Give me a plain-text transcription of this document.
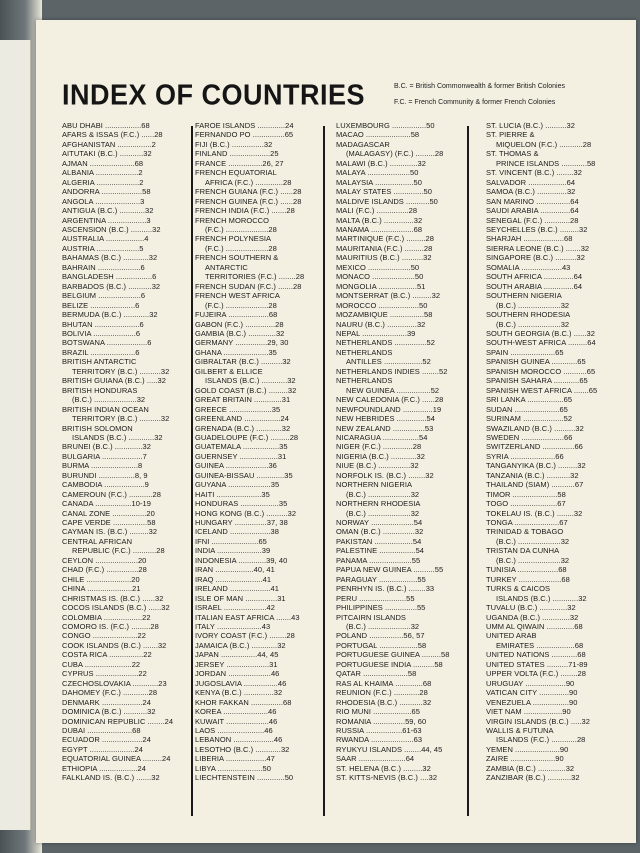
INDEX OF COUNTRIES	B.C. = British Commonwealth & former British Colonies
F.C. = French Community & former French Colonies
ABU DHABI .................68
AFARS & ISSAS (F.C.) ......28
AFGHANISTAN ................2
AITUTAKI (B.C.) ...........32
AJMAN .....................68
ALBANIA ....................2
ALGERIA ....................2
ANDORRA ...................58
ANGOLA .....................3
ANTIGUA (B.C.) ............32
ARGENTINA ..................3
ASCENSION (B.C.) ..........32
AUSTRALIA ..................4
AUSTRIA ....................5
BAHAMAS (B.C.) ............32
BAHRAIN ....................6
BANGLADESH .................6
BARBADOS (B.C.) ...........32
BELGIUM ....................6
BELIZE .....................6
BERMUDA (B.C.) ............32
BHUTAN .....................6
BOLIVIA ....................6
BOTSWANA ...................6
BRAZIL .....................6
BRITISH ANTARCTIC
TERRITORY (B.C.) ..........32
BRITISH GUIANA (B.C.) .....32
BRITISH HONDURAS
(B.C.) ....................32
BRITISH INDIAN OCEAN
TERRITORY (B.C.) ..........32
BRITISH SOLOMON
ISLANDS (B.C.) ............32
BRUNEI (B.C.) .............32
BULGARIA ...................7
BURMA ......................8
BURUNDI .................8, 9
CAMBODIA ...................9
CAMEROUN (F.C.) ...........28
CANADA .................10-19
CANAL ZONE ................20
CAPE VERDE ................58
CAYMAN IS. (B.C.) .........32
CENTRAL AFRICAN
REPUBLIC (F.C.) ...........28
CEYLON ....................20
CHAD (F.C.) ...............28
CHILE .....................20
CHINA .....................21
CHRISTMAS IS. (B.C.) ......32
COCOS ISLANDS (B.C.) ......32
COLOMBIA ..................22
COMORO IS. (F.C.) .........28
CONGO .....................22
COOK ISLANDS (B.C.) .......32
COSTA RICA ................22
CUBA ......................22
CYPRUS ....................22
CZECHOSLOVAKIA ............23
DAHOMEY (F.C.) ............28
DENMARK ...................24
DOMINICA (B.C.) ...........32
DOMINICAN REPUBLIC ........24
DUBAI .....................68
ECUADOR ...................24
EGYPT .....................24
EQUATORIAL GUINEA .........24
ETHIOPIA ..................24
FALKLAND IS. (B.C.) .......32
FAROE ISLANDS .............24
FERNANDO PO ...............65
FIJI (B.C.) ...............32
FINLAND ...................25
FRANCE ................26, 27
FRENCH EQUATORIAL
AFRICA (F.C.) .............28
FRENCH GUIANA (F.C.) ......28
FRENCH GUINEA (F.C.) ......28
FRENCH INDIA (F.C.) .......28
FRENCH MOROCCO
(F.C.) ....................28
FRENCH POLYNESIA
(F.C.) ....................28
FRENCH SOUTHERN &
ANTARCTIC
TERRITORIES (F.C.) ........28
FRENCH SUDAN (F.C.) .......28
FRENCH WEST AFRICA
(F.C.) ....................28
FUJEIRA ...................68
GABON (F.C.) ..............28
GAMBIA (B.C.) .............32
GERMANY ...............29, 30
GHANA .....................35
GIBRALTAR (B.C.) ..........32
GILBERT & ELLICE
ISLANDS (B.C.) ............32
GOLD COAST (B.C.) .........32
GREAT BRITAIN .............31
GREECE ....................35
GREENLAND .................24
GRENADA (B.C.) ............32
GUADELOUPE (F.C.) .........28
GUATEMALA .................35
GUERNSEY ..................31
GUINEA ....................36
GUINEA-BISSAU .............35
GUYANA ....................35
HAITI .....................35
HONDURAS ..................35
HONG KONG (B.C.) ..........32
HUNGARY ...............37, 38
ICELAND ...................38
IFNI ......................65
INDIA .....................39
INDONESIA .............39, 40
IRAN ..................40, 41
IRAQ ......................41
IRELAND ...................41
ISLE OF MAN ...............31
ISRAEL ....................42
ITALIAN EAST AFRICA .......43
ITALY .....................43
IVORY COAST (F.C.) ........28
JAMAICA (B.C.) ............32
JAPAN .................44, 45
JERSEY ....................31
JORDAN ....................46
JUGOSLAVIA ................46
KENYA (B.C.) ..............32
KHOR FAKKAN ...............68
KOREA .....................46
KUWAIT ....................46
LAOS ......................46
LEBANON ...................46
LESOTHO (B.C.) ............32
LIBERIA ...................47
LIBYA .....................50
LIECHTENSTEIN .............50
LUXEMBOURG ................50
MACAO .....................58
MADAGASCAR
(MALAGASY) (F.C.) .........28
MALAWI (B.C.) .............32
MALAYA ....................50
MALAYSIA ..................50
MALAY STATES ..............50
MALDIVE ISLANDS ...........50
MALI (F.C.) ...............28
MALTA (B.C.) ..............32
MANAMA ....................68
MARTINIQUE (F.C.) .........28
MAURITANIA (F.C.) .........28
MAURITIUS (B.C.) ..........32
MEXICO ....................50
MONACO ....................50
MONGOLIA ..................51
MONTSERRAT (B.C.) .........32
MOROCCO ...................50
MOZAMBIQUE ................58
NAURU (B.C.) ..............32
NEPAL .....................39
NETHERLANDS ...............52
NETHERLANDS
ANTILLES ..................52
NETHERLANDS INDIES ........52
NETHERLANDS
NEW GUINEA ................52
NEW CALEDONIA (F.C.) ......28
NEWFOUNDLAND ..............19
NEW HEBRIDES ..............54
NEW ZEALAND ...............53
NICARAGUA .................54
NIGER (F.C.) ..............28
NIGERIA (B.C.) ............32
NIUE (B.C.) ...............32
NORFOLK IS. (B.C.) ........32
NORTHERN NIGERIA
(B.C.) ....................32
NORTHERN RHODESIA
(B.C.) ....................32
NORWAY ....................54
OMAN (B.C.) ...............32
PAKISTAN ..................54
PALESTINE .................54
PANAMA ....................55
PAPUA NEW GUINEA ..........55
PARAGUAY ..................55
PENRHYN IS. (B.C.) ........33
PERU ......................55
PHILIPPINES ...............55
PITCAIRN ISLANDS
(B.C.) ....................32
POLAND ................56, 57
PORTUGAL ..................58
PORTUGUESE GUINEA .........58
PORTUGUESE INDIA ..........58
QATAR .....................58
RAS AL KHAIMA .............68
REUNION (F.C.) ............28
RHODESIA (B.C.) ...........32
RIO MUNI ..................65
ROMANIA ...............59, 60
RUSSIA .................61-63
RWANDA ....................63
RYUKYU ISLANDS ........44, 45
SAAR ......................64
ST. HELENA (B.C.) .........32
ST. KITTS-NEVIS (B.C.) ....32
ST. LUCIA (B.C.) ..........32
ST. PIERRE &
MIQUELON (F.C.) ...........28
ST. THOMAS &
PRINCE ISLANDS ............58
ST. VINCENT (B.C.) ........32
SALVADOR ..................64
SAMOA (B.C.) ..............32
SAN MARINO ................64
SAUDI ARABIA ..............64
SENEGAL (F.C.) ............28
SEYCHELLES (B.C.) .........32
SHARJAH ...................68
SIERRA LEONE (B.C.) .......32
SINGAPORE (B.C.) ..........32
SOMALIA ...................43
SOUTH AFRICA ..............64
SOUTH ARABIA ..............64
SOUTHERN NIGERIA
(B.C.) ....................32
SOUTHERN RHODESIA
(B.C.) ....................32
SOUTH GEORGIA (B.C.) ......32
SOUTH-WEST AFRICA .........64
SPAIN .....................65
SPANISH GUINEA ............65
SPANISH MOROCCO ...........65
SPANISH SAHARA ............65
SPANISH WEST AFRICA .......65
SRI LANKA .................65
SUDAN .....................65
SURINAM ...................52
SWAZILAND (B.C.) ..........32
SWEDEN ....................66
SWITZERLAND ...............66
SYRIA .....................66
TANGANYIKA (B.C.) .........32
TANZANIA (B.C.) ...........32
THAILAND (SIAM) ...........67
TIMOR .....................58
TOGO ......................67
TOKELAU IS. (B.C.) ........32
TONGA .....................67
TRINIDAD & TOBAGO
(B.C.) ....................32
TRISTAN DA CUNHA
(B.C.) ....................32
TUNISIA ...................68
TURKEY ....................68
TURKS & CAICOS
ISLANDS (B.C.) ............32
TUVALU (B.C.) .............32
UGANDA (B.C.) .............32
UMM AL QIWAIN .............68
UNITED ARAB
EMIRATES ..................68
UNITED NATIONS ............68
UNITED STATES ..........71-89
UPPER VOLTA (F.C.) ........28
URUGUAY ...................90
VATICAN CITY ..............90
VENEZUELA .................90
VIET NAM ..................90
VIRGIN ISLANDS (B.C.) .....32
WALLIS & FUTUNA
ISLANDS (F.C.) ............28
YEMEN .....................90
ZAIRE .....................90
ZAMBIA (B.C.) .............32
ZANZIBAR (B.C.) ...........32
